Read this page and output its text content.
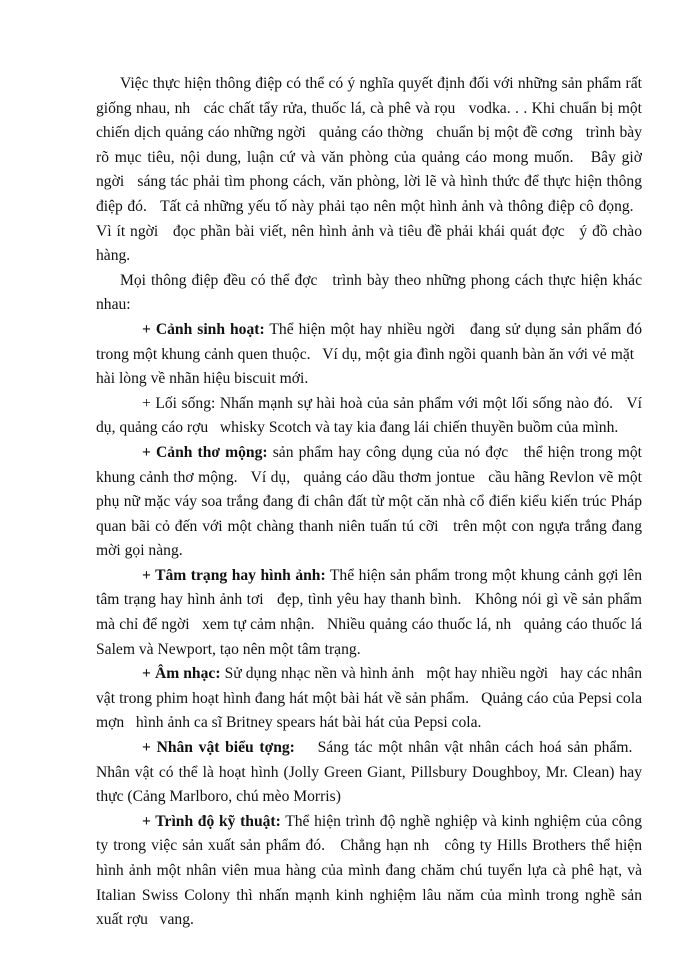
Việc thực hiện thông điệp có thể có ý nghĩa quyết định đối với những sản phẩm rất giống nhau, nh   các chất tẩy rửa, thuốc lá, cà phê và rọu   vodka. . . Khi chuẩn bị một chiến dịch quảng cáo những ngời   quảng cáo thờng   chuẩn bị một đề cơng   trình bày rõ mục tiêu, nội dung, luận cứ và văn phòng của quảng cáo mong muốn.   Bây giờ ngời   sáng tác phải tìm phong cách, văn phòng, lời lẽ và hình thức để thực hiện thông điệp đó.   Tất cả những yếu tố này phải tạo nên một hình ảnh và thông điệp cô đọng.   Vì ít ngời   đọc phần bài viết, nên hình ảnh và tiêu đề phải khái quát đợc   ý đồ chào hàng.

Mọi thông điệp đều có thể đợc   trình bày theo những phong cách thực hiện khác nhau:

+ Cảnh sinh hoạt: Thể hiện một hay nhiều ngời   đang sử dụng sản phẩm đó trong một khung cảnh quen thuộc.   Ví dụ, một gia đình ngồi quanh bàn ăn với vẻ mặt   hài lòng về nhãn hiệu biscuit mới.

+ Lối sống: Nhấn mạnh sự hài hoà của sản phẩm với một lối sống nào đó.   Ví dụ, quảng cáo rợu   whisky Scotch và tay kia đang lái chiến thuyền buồm của mình.

+ Cảnh thơ mộng: sản phẩm hay công dụng của nó đợc   thể hiện trong một khung cảnh thơ mộng.   Ví dụ,   quảng cáo dầu thơm jontue   cầu hãng Revlon vẽ một phụ nữ mặc váy soa trắng đang đi chân đất từ một căn nhà cổ điển kiểu kiến trúc Pháp quan bãi cỏ đến với một chàng thanh niên tuấn tú cỡi   trên một con ngựa trắng đang mời gọi nàng.

+ Tâm trạng hay hình ảnh: Thể hiện sản phẩm trong một khung cảnh gợi lên tâm trạng hay hình ảnh tơi   đẹp, tình yêu hay thanh bình.   Không nói gì về sản phẩm mà chỉ để ngời   xem tự cảm nhận.   Nhiều quảng cáo thuốc lá, nh   quảng cáo thuốc lá Salem và Newport, tạo nên một tâm trạng.

+ Âm nhạc: Sử dụng nhạc nền và hình ảnh   một hay nhiều ngời   hay các nhân vật trong phim hoạt hình đang hát một bài hát về sản phẩm.   Quảng cáo của Pepsi cola mợn   hình ảnh ca sĩ Britney spears hát bài hát của Pepsi cola.

+ Nhân vật biểu tợng:    Sáng tác một nhân vật nhân cách hoá sản phẩm.   Nhân vật có thể là hoạt hình (Jolly Green Giant, Pillsbury Doughboy, Mr. Clean) hay thực (Cảng Marlboro, chú mèo Morris)

+ Trình độ kỹ thuật: Thể hiện trình độ nghề nghiệp và kinh nghiệm của công ty trong việc sản xuất sản phẩm đó.   Chẳng hạn nh   công ty Hills Brothers thể hiện hình ảnh một nhân viên mua hàng của mình đang chăm chú tuyển lựa cà phê hạt, và Italian Swiss Colony thì nhấn mạnh kinh nghiệm lâu năm của mình trong nghề sản xuất rợu   vang.
